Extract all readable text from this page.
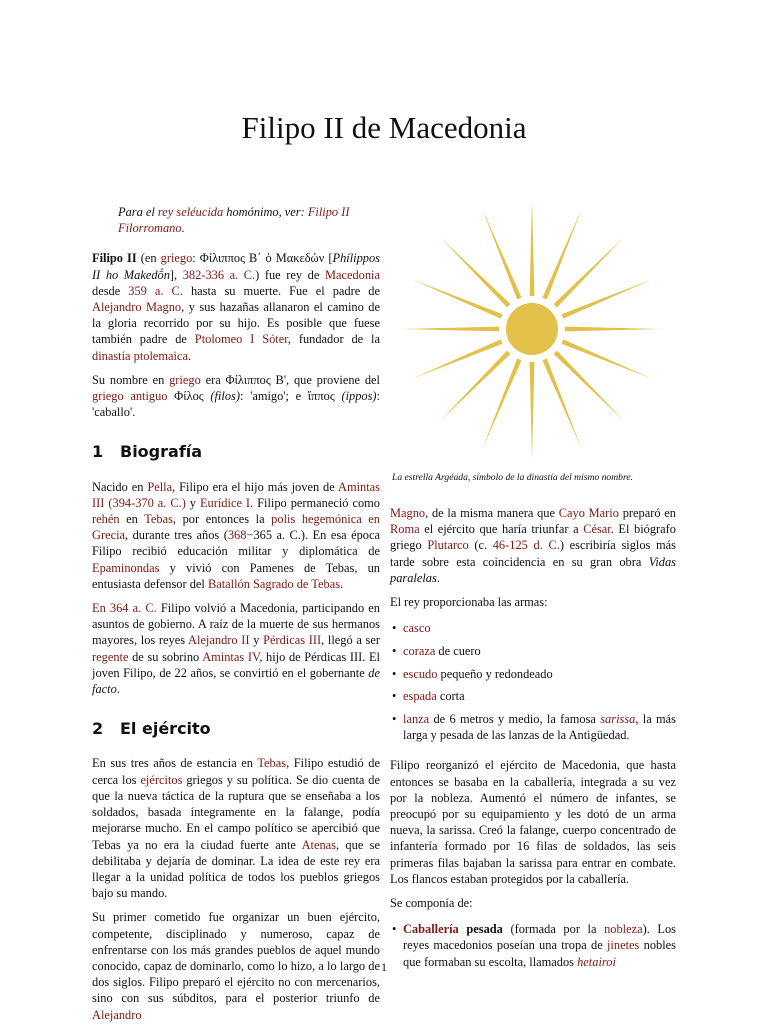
Filipo II de Macedonia

Para el rey seléucida homónimo, ver: Filipo II Filorromano.

Filipo II (en griego: Φίλιππος Β΄ ὁ Μακεδών [Phílippos II ho Makedṓn], 382-336 a. C.) fue rey de Macedonia desde 359 a. C. hasta su muerte. Fue el padre de Alejandro Magno, y sus hazañas allanaron el camino de la gloria recorrido por su hijo. Es posible que fuese también padre de Ptolomeo I Sóter, fundador de la dinastía ptolemaica.

Su nombre en griego era Φίλιππος Β', que proviene del griego antiguo Φίλος (filos): 'amigo'; e ἵππος (ippos): 'caballo'.

1 Biografía

Nacido en Pella, Filipo era el hijo más joven de Amintas III (394-370 a. C.) y Eurídice I. Filipo permaneció como rehén en Tebas, por entonces la polis hegemónica en Grecia, durante tres años (368−365 a. C.). En esa época Filipo recibió educación militar y diplomática de Epaminondas y vivió con Pamenes de Tebas, un entusiasta defensor del Batallón Sagrado de Tebas.

En 364 a. C. Filipo volvió a Macedonia, participando en asuntos de gobierno. A raíz de la muerte de sus hermanos mayores, los reyes Alejandro II y Pérdicas III, llegó a ser regente de su sobrino Amintas IV, hijo de Pérdicas III. El joven Filipo, de 22 años, se convirtió en el gobernante de facto.

2 El ejército

En sus tres años de estancia en Tebas, Filipo estudió de cerca los ejércitos griegos y su política. Se dio cuenta de que la nueva táctica de la ruptura que se enseñaba a los soldados, basada íntegramente en la falange, podía mejorarse mucho. En el campo político se apercibió que Tebas ya no era la ciudad fuerte ante Atenas, que se debilitaba y dejaría de dominar. La idea de este rey era llegar a la unidad política de todos los pueblos griegos bajo su mando.

Su primer cometido fue organizar un buen ejército, competente, disciplinado y numeroso, capaz de enfrentarse con los más grandes pueblos de aquel mundo conocido, capaz de dominarlo, como lo hizo, a lo largo de dos siglos. Filipo preparó el ejército no con mercenarios, sino con sus súbditos, para el posterior triunfo de Alejandro

La estrella Argéada, símbolo de la dinastía del mismo nombre.

Magno, de la misma manera que Cayo Mario preparó en Roma el ejército que haría triunfar a César. El biógrafo griego Plutarco (c. 46-125 d. C.) escribiría siglos más tarde sobre esta coincidencia en su gran obra Vidas paralelas.

El rey proporcionaba las armas:

• casco
• coraza de cuero
• escudo pequeño y redondeado
• espada corta
• lanza de 6 metros y medio, la famosa sarissa, la más larga y pesada de las lanzas de la Antigüedad.

Filipo reorganizó el ejército de Macedonia, que hasta entonces se basaba en la caballería, integrada a su vez por la nobleza. Aumentó el número de infantes, se preocupó por su equipamiento y les dotó de un arma nueva, la sarissa. Creó la falange, cuerpo concentrado de infantería formado por 16 filas de soldados, las seis primeras filas bajaban la sarissa para entrar en combate. Los flancos estaban protegidos por la caballería.

Se componía de:

• Caballería pesada (formada por la nobleza). Los reyes macedonios poseían una tropa de jinetes nobles que formaban su escolta, llamados hetairoi
1
